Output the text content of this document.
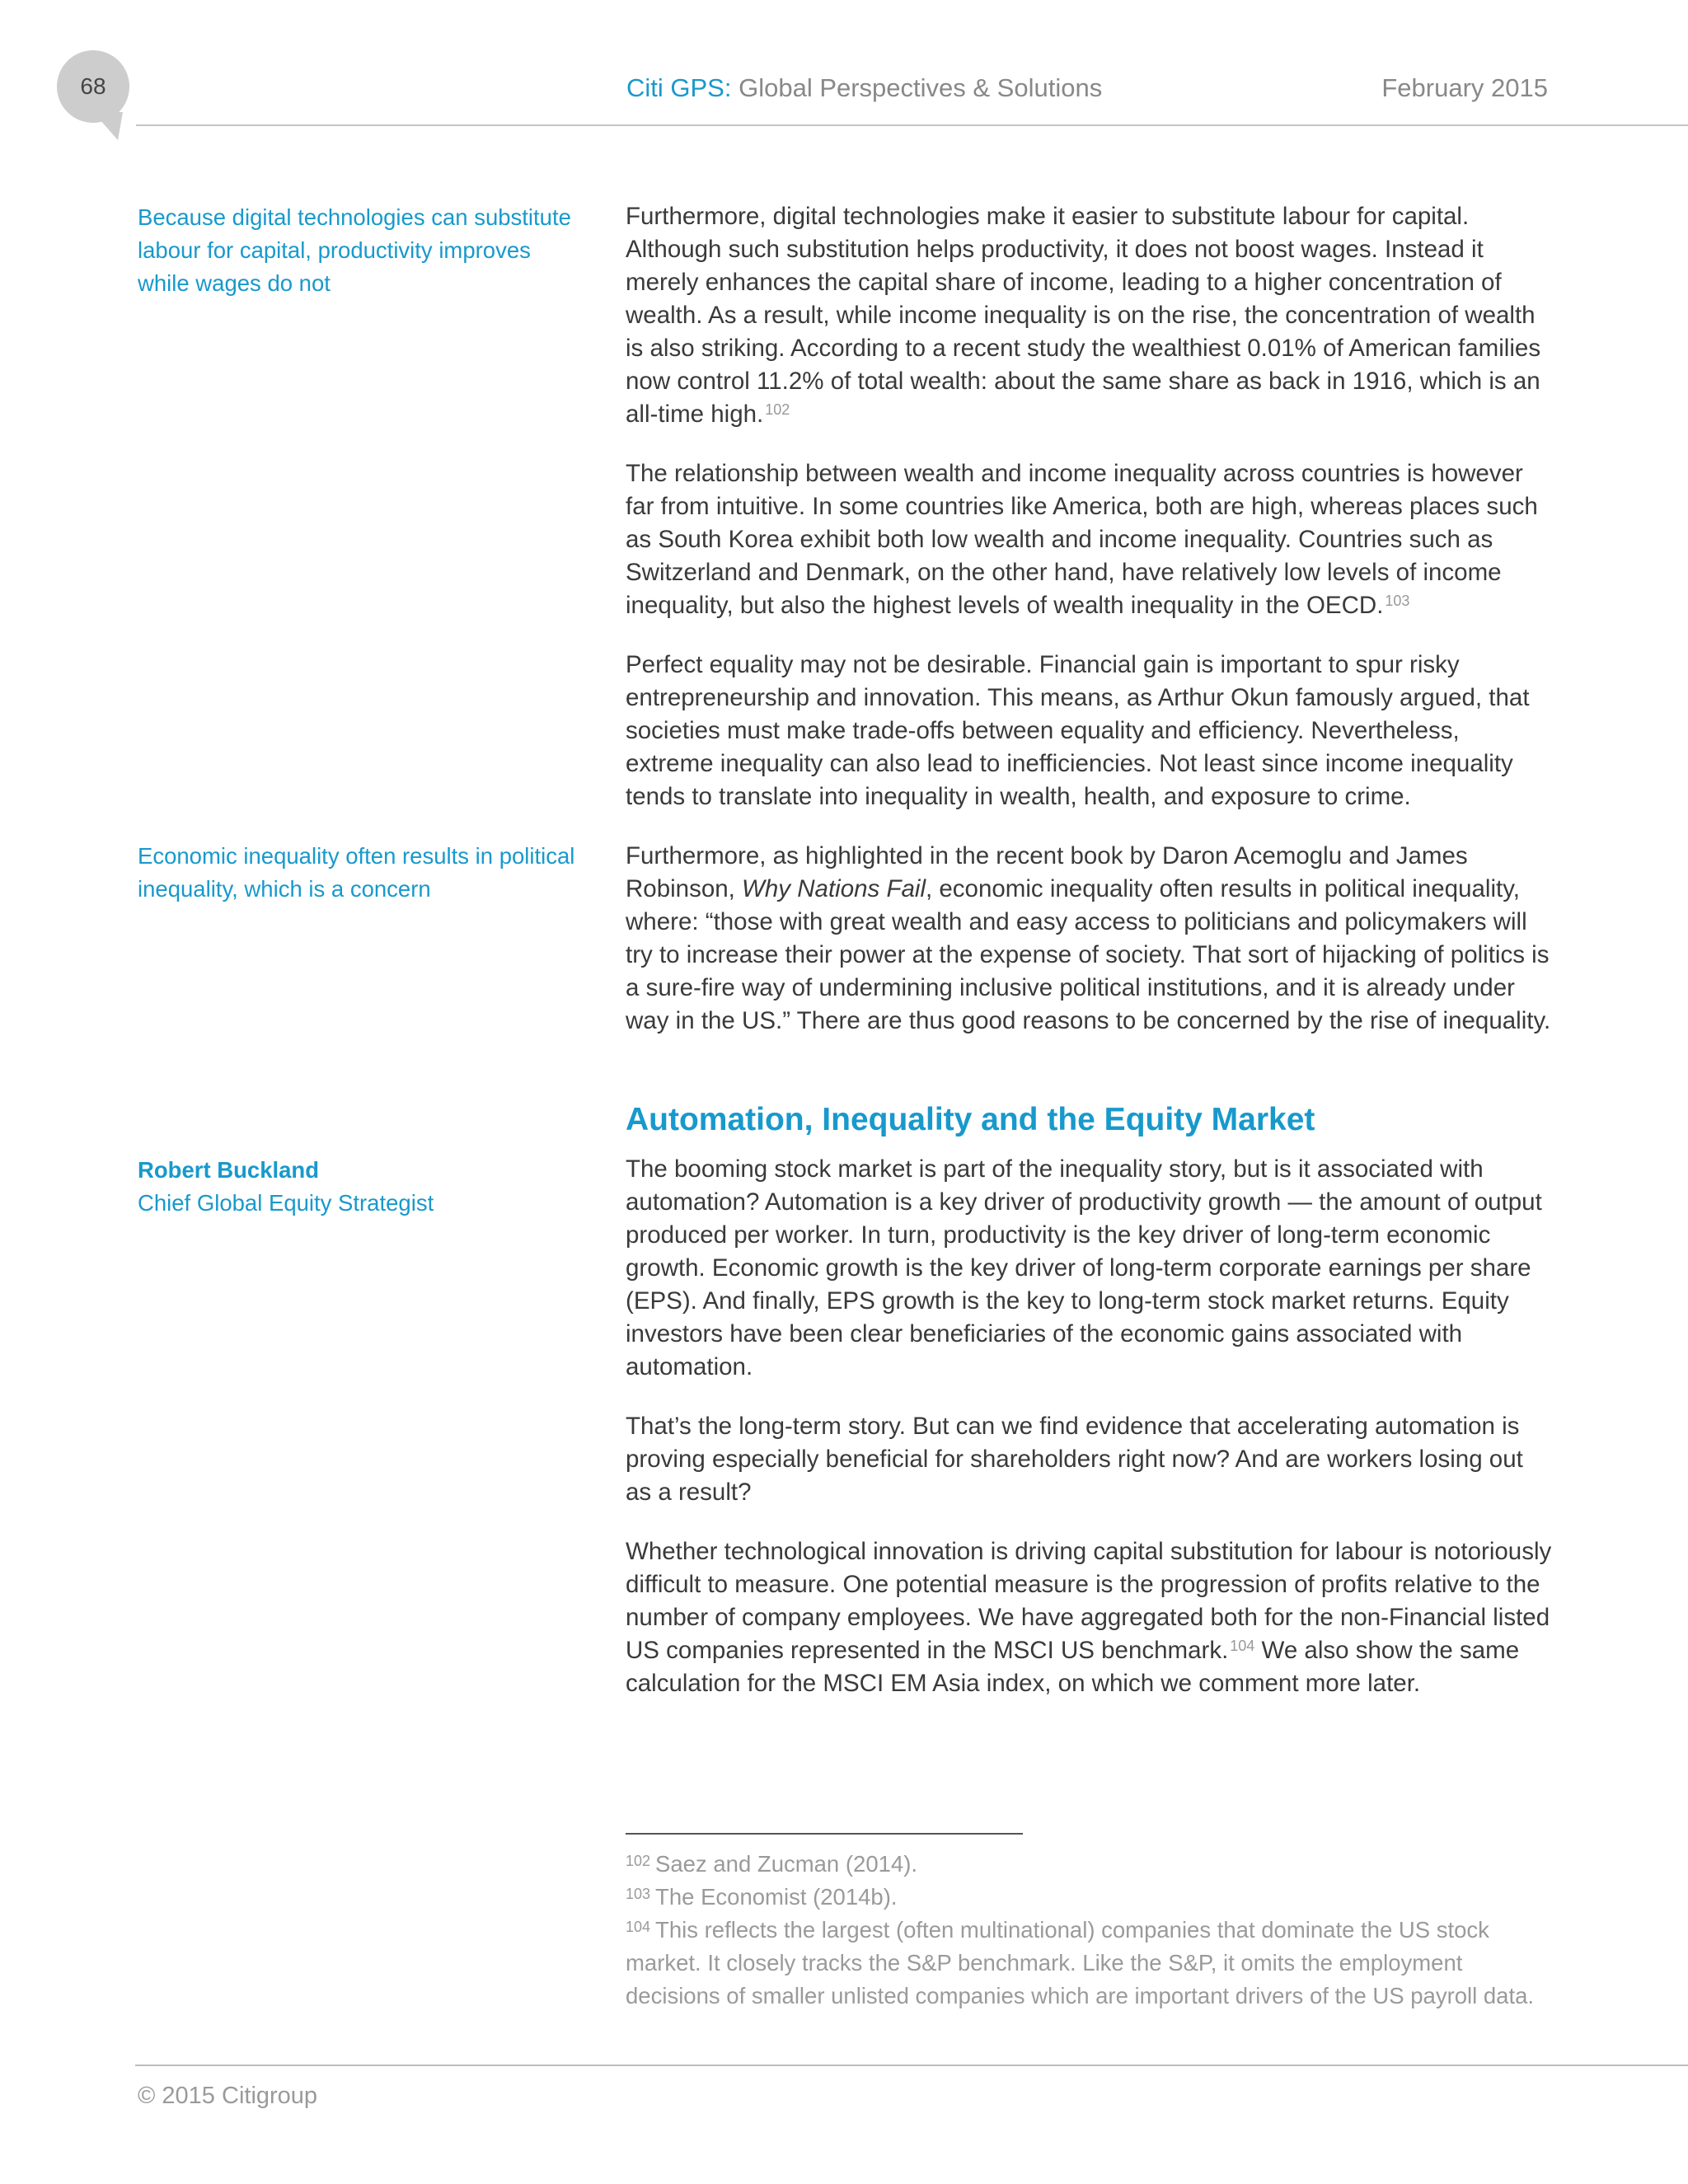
68	Citi GPS: Global Perspectives & Solutions	February 2015
Because digital technologies can substitute labour for capital, productivity improves while wages do not
Economic inequality often results in political inequality, which is a concern
Robert Buckland
Chief Global Equity Strategist

Furthermore, digital technologies make it easier to substitute labour for capital. Although such substitution helps productivity, it does not boost wages. Instead it merely enhances the capital share of income, leading to a higher concentration of wealth. As a result, while income inequality is on the rise, the concentration of wealth is also striking. According to a recent study the wealthiest 0.01% of American families now control 11.2% of total wealth: about the same share as back in 1916, which is an all-time high. $^{102}$

The relationship between wealth and income inequality across countries is however far from intuitive. In some countries like America, both are high, whereas places such as South Korea exhibit both low wealth and income inequality. Countries such as Switzerland and Denmark, on the other hand, have relatively low levels of income inequality, but also the highest levels of wealth inequality in the OECD. $^{103}$

Perfect equality may not be desirable. Financial gain is important to spur risky entrepreneurship and innovation. This means, as Arthur Okun famously argued, that societies must make trade-offs between equality and efficiency. Nevertheless, extreme inequality can also lead to inefficiencies. Not least since income inequality tends to translate into inequality in wealth, health, and exposure to crime.

Furthermore, as highlighted in the recent book by Daron Acemoglu and James Robinson, Why Nations Fail, economic inequality often results in political inequality, where: “those with great wealth and easy access to politicians and policymakers will try to increase their power at the expense of society. That sort of hijacking of politics is a sure-fire way of undermining inclusive political institutions, and it is already under way in the US.” There are thus good reasons to be concerned by the rise of inequality.

Automation, Inequality and the Equity Market

The booming stock market is part of the inequality story, but is it associated with automation? Automation is a key driver of productivity growth — the amount of output produced per worker. In turn, productivity is the key driver of long-term economic growth. Economic growth is the key driver of long-term corporate earnings per share (EPS). And finally, EPS growth is the key to long-term stock market returns. Equity investors have been clear beneficiaries of the economic gains associated with automation.

That’s the long-term story. But can we find evidence that accelerating automation is proving especially beneficial for shareholders right now? And are workers losing out as a result?

Whether technological innovation is driving capital substitution for labour is notoriously difficult to measure. One potential measure is the progression of profits relative to the number of company employees. We have aggregated both for the non-Financial listed US companies represented in the MSCI US benchmark. $^{104}$ We also show the same calculation for the MSCI EM Asia index, on which we comment more later.

$^{102}$ Saez and Zucman (2014).
$^{103}$ The Economist (2014b).
$^{104}$ This reflects the largest (often multinational) companies that dominate the US stock market. It closely tracks the S&P benchmark. Like the S&P, it omits the employment decisions of smaller unlisted companies which are important drivers of the US payroll data.
© 2015 Citigroup
